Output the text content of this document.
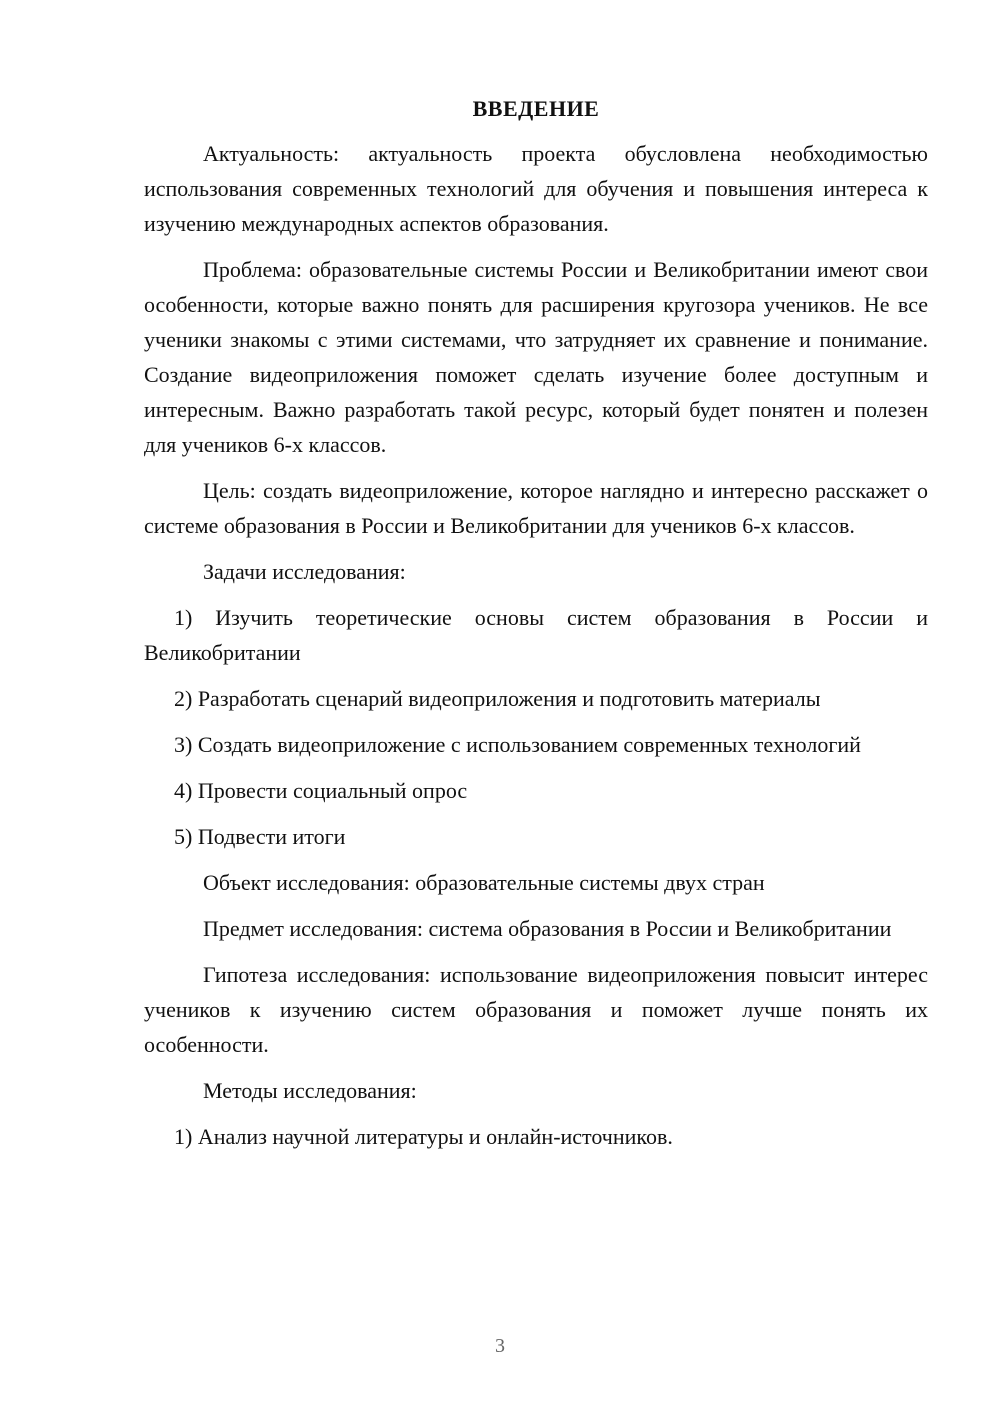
ВВЕДЕНИЕ

Актуальность: актуальность проекта обусловлена необходимостью использования современных технологий для обучения и повышения интереса к изучению международных аспектов образования.

Проблема: образовательные системы России и Великобритании имеют свои особенности, которые важно понять для расширения кругозора учеников. Не все ученики знакомы с этими системами, что затрудняет их сравнение и понимание. Создание видеоприложения поможет сделать изучение более доступным и интересным. Важно разработать такой ресурс, который будет понятен и полезен для учеников 6-х классов.

Цель: создать видеоприложение, которое наглядно и интересно расскажет о системе образования в России и Великобритании для учеников 6-х классов.

Задачи исследования:

1) Изучить теоретические основы систем образования в России и Великобритании

2) Разработать сценарий видеоприложения и подготовить материалы

3) Создать видеоприложение с использованием современных технологий

4) Провести социальный опрос

5) Подвести итоги

Объект исследования: образовательные системы двух стран

Предмет исследования: система образования в России и Великобритании

Гипотеза исследования: использование видеоприложения повысит интерес учеников к изучению систем образования и поможет лучше понять их особенности.

Методы исследования:

1) Анализ научной литературы и онлайн-источников.

3
